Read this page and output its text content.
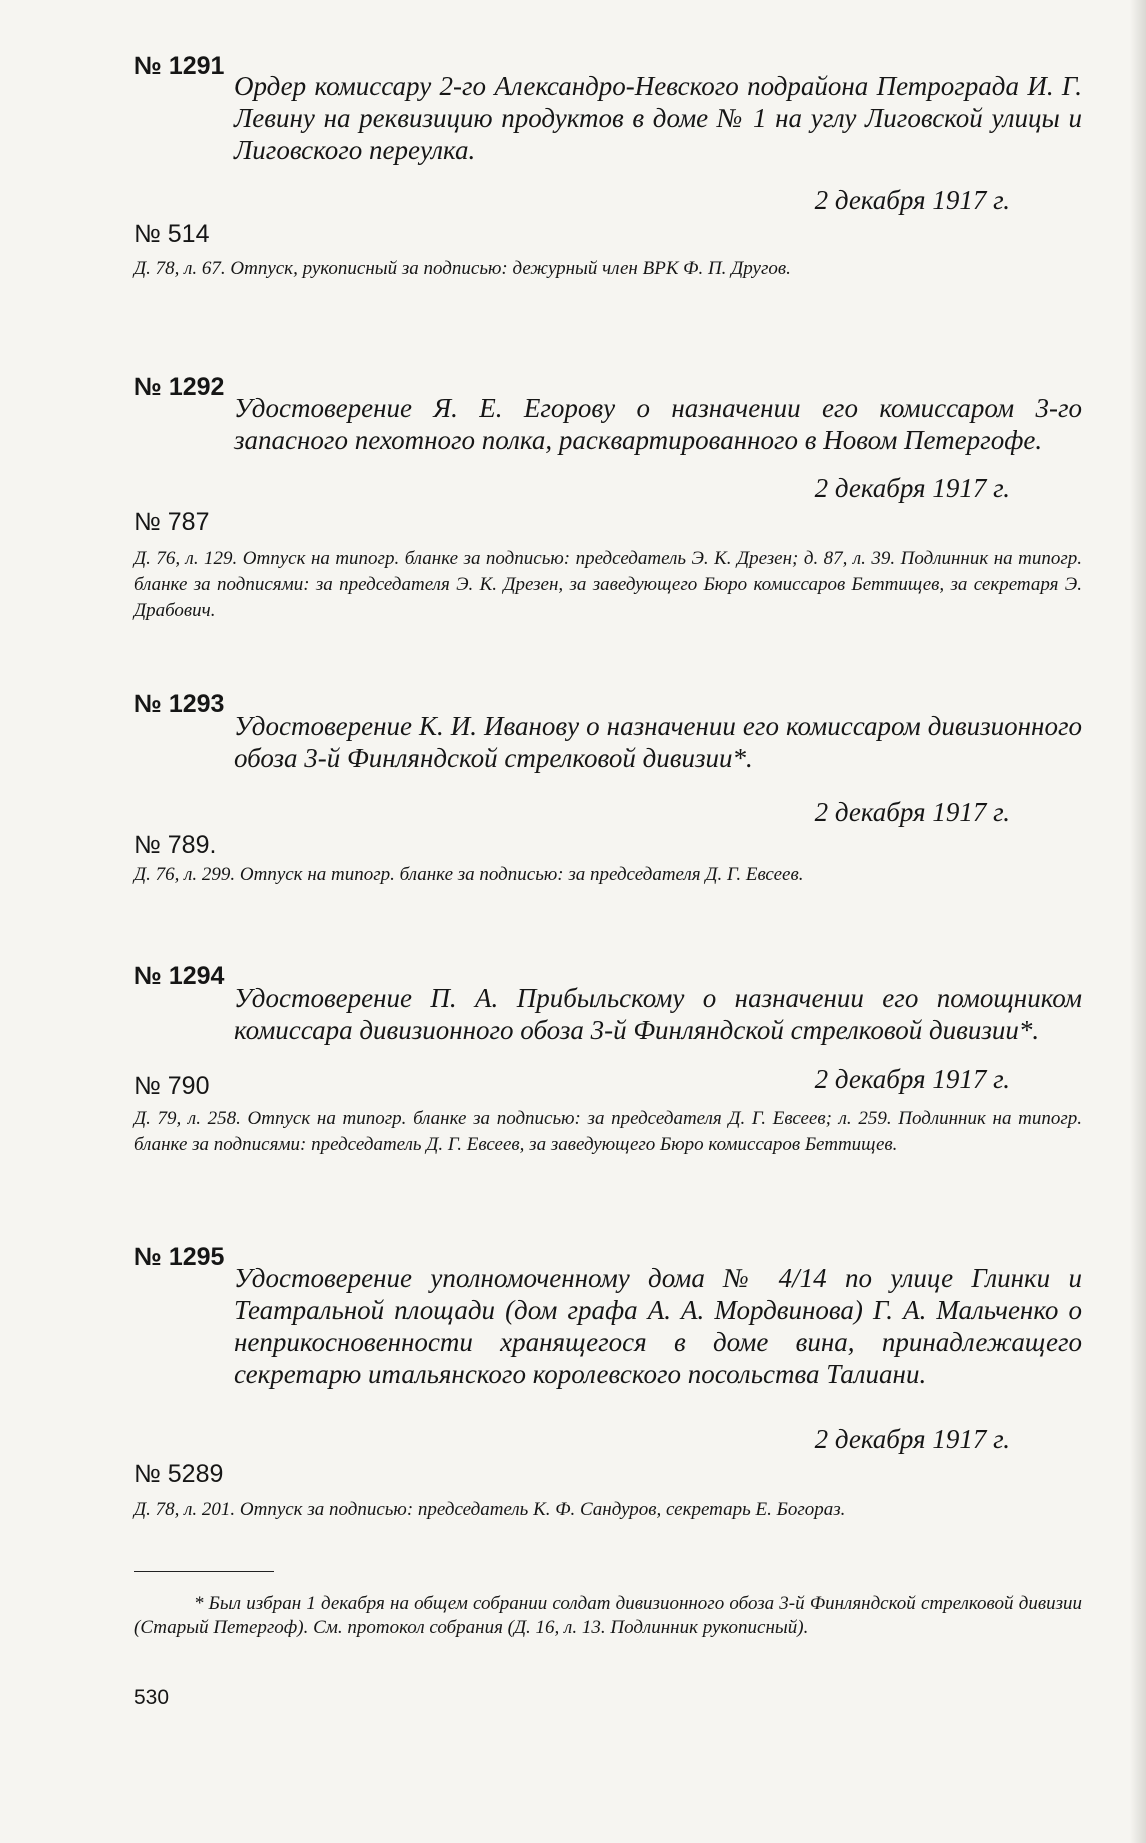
№ 1291

Ордер комиссару 2-го Александро-Невского подрайона Петрограда И. Г. Левину на реквизицию продуктов в доме № 1 на углу Лиговской улицы и Лиговского переулка.

2 декабря 1917 г.
№ 514

Д. 78, л. 67. Отпуск, рукописный за подписью: дежурный член ВРК Ф. П. Другов.

№ 1292

Удостоверение Я. Е. Егорову о назначении его комиссаром 3-го запасного пехотного полка, расквартированного в Новом Петергофе.

2 декабря 1917 г.
№ 787

Д. 76, л. 129. Отпуск на типогр. бланке за подписью: председатель Э. К. Дрезен; д. 87, л. 39. Подлинник на типогр. бланке за подписями: за председателя Э. К. Дрезен, за заведующего Бюро комиссаров Беттищев, за секретаря Э. Драбович.

№ 1293

Удостоверение К. И. Иванову о назначении его комиссаром дивизионного обоза 3-й Финляндской стрелковой дивизии*.

2 декабря 1917 г.
№ 789.

Д. 76, л. 299. Отпуск на типогр. бланке за подписью: за председателя Д. Г. Евсеев.

№ 1294

Удостоверение П. А. Прибыльскому о назначении его помощником комиссара дивизионного обоза 3-й Финляндской стрелковой дивизии*.

2 декабря 1917 г.
№ 790

Д. 79, л. 258. Отпуск на типогр. бланке за подписью: за председателя Д. Г. Евсеев; л. 259. Подлинник на типогр. бланке за подписями: председатель Д. Г. Евсеев, за заведующего Бюро комиссаров Беттищев.

№ 1295

Удостоверение уполномоченному дома № 4/14 по улице Глинки и Театральной площади (дом графа А. А. Мордвинова) Г. А. Мальченко о неприкосновенности хранящегося в доме вина, принадлежащего секретарю итальянского королевского посольства Талиани.

2 декабря 1917 г.
№ 5289

Д. 78, л. 201. Отпуск за подписью: председатель К. Ф. Сандуров, секретарь Е. Богораз.

* Был избран 1 декабря на общем собрании солдат дивизионного обоза 3-й Финляндской стрелковой дивизии (Старый Петергоф). См. протокол собрания (Д. 16, л. 13. Подлинник рукописный).

530
